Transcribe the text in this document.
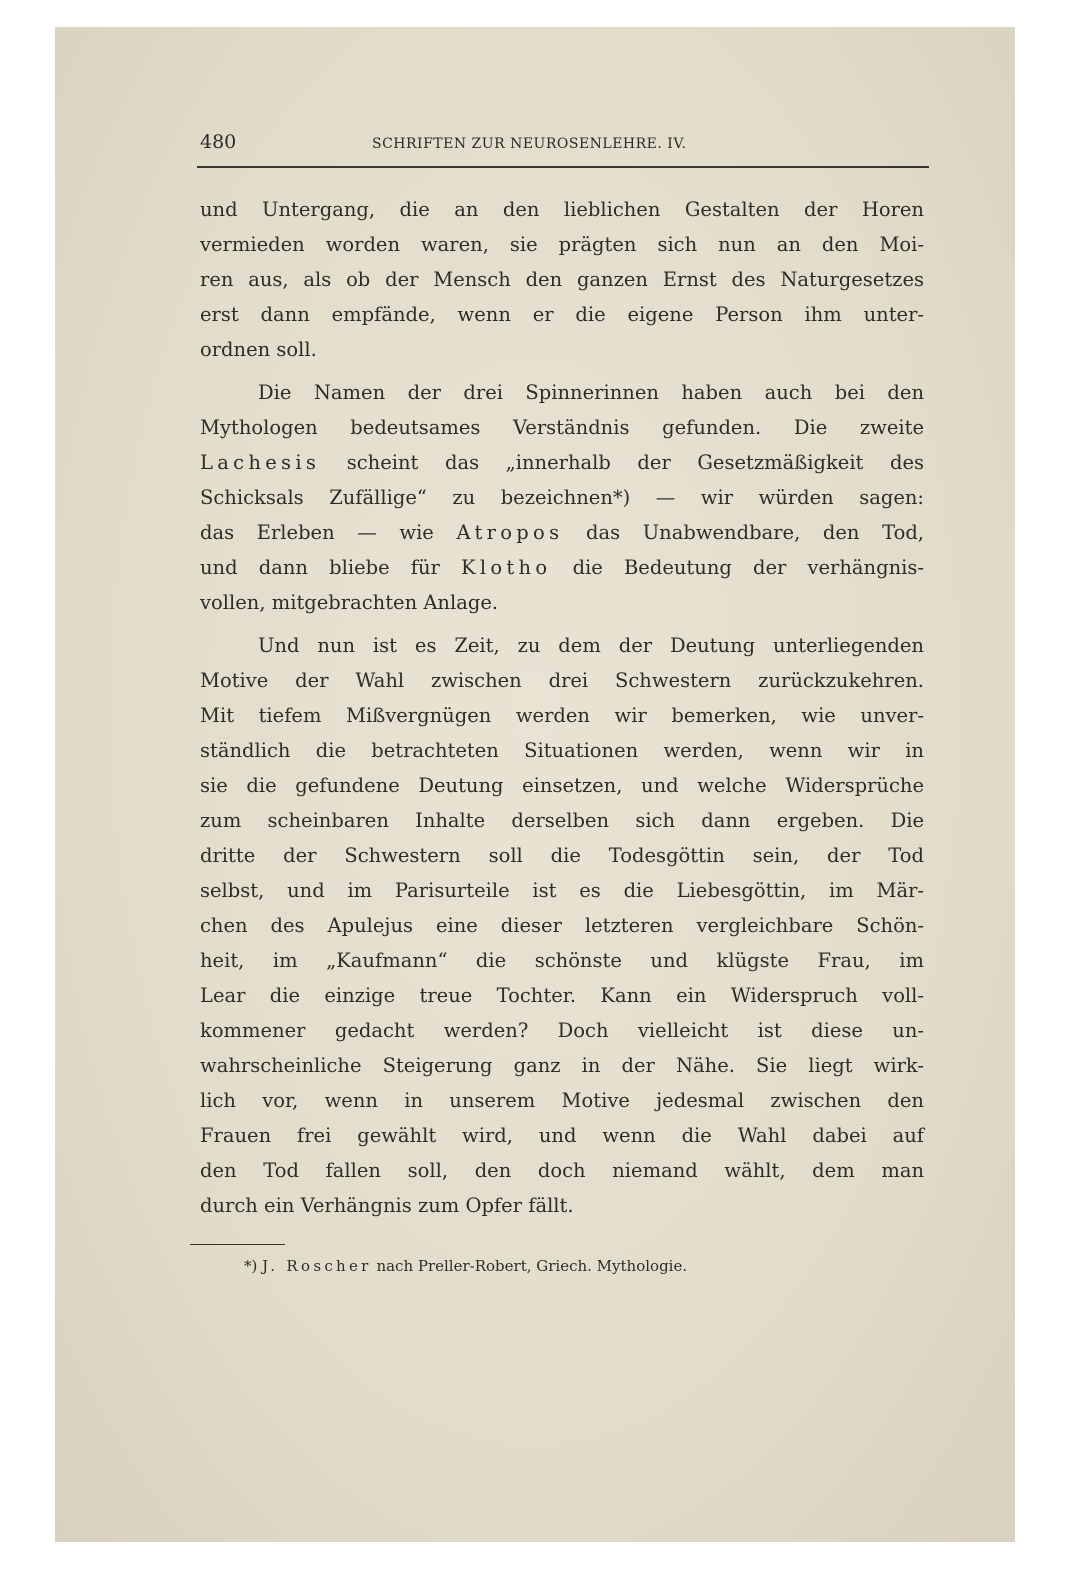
480	SCHRIFTEN ZUR NEUROSENLEHRE. IV.
und Untergang, die an den lieblichen Gestalten der Horen
vermieden worden waren, sie prägten sich nun an den Moi-
ren aus, als ob der Mensch den ganzen Ernst des Naturgesetzes
erst dann empfände, wenn er die eigene Person ihm unter-
ordnen soll.
Die Namen der drei Spinnerinnen haben auch bei den
Mythologen bedeutsames Verständnis gefunden. Die zweite
Lachesis scheint das „innerhalb der Gesetzmäßigkeit des
Schicksals Zufällige“ zu bezeichnen*) — wir würden sagen:
das Erleben — wie Atropos das Unabwendbare, den Tod,
und dann bliebe für Klotho die Bedeutung der verhängnis-
vollen, mitgebrachten Anlage.
Und nun ist es Zeit, zu dem der Deutung unterliegenden
Motive der Wahl zwischen drei Schwestern zurückzukehren.
Mit tiefem Mißvergnügen werden wir bemerken, wie unver-
ständlich die betrachteten Situationen werden, wenn wir in
sie die gefundene Deutung einsetzen, und welche Widersprüche
zum scheinbaren Inhalte derselben sich dann ergeben. Die
dritte der Schwestern soll die Todesgöttin sein, der Tod
selbst, und im Parisurteile ist es die Liebesgöttin, im Mär-
chen des Apulejus eine dieser letzteren vergleichbare Schön-
heit, im „Kaufmann“ die schönste und klügste Frau, im
Lear die einzige treue Tochter. Kann ein Widerspruch voll-
kommener gedacht werden? Doch vielleicht ist diese un-
wahrscheinliche Steigerung ganz in der Nähe. Sie liegt wirk-
lich vor, wenn in unserem Motive jedesmal zwischen den
Frauen frei gewählt wird, und wenn die Wahl dabei auf
den Tod fallen soll, den doch niemand wählt, dem man
durch ein Verhängnis zum Opfer fällt.
*) J. Roscher nach Preller-Robert, Griech. Mythologie.
